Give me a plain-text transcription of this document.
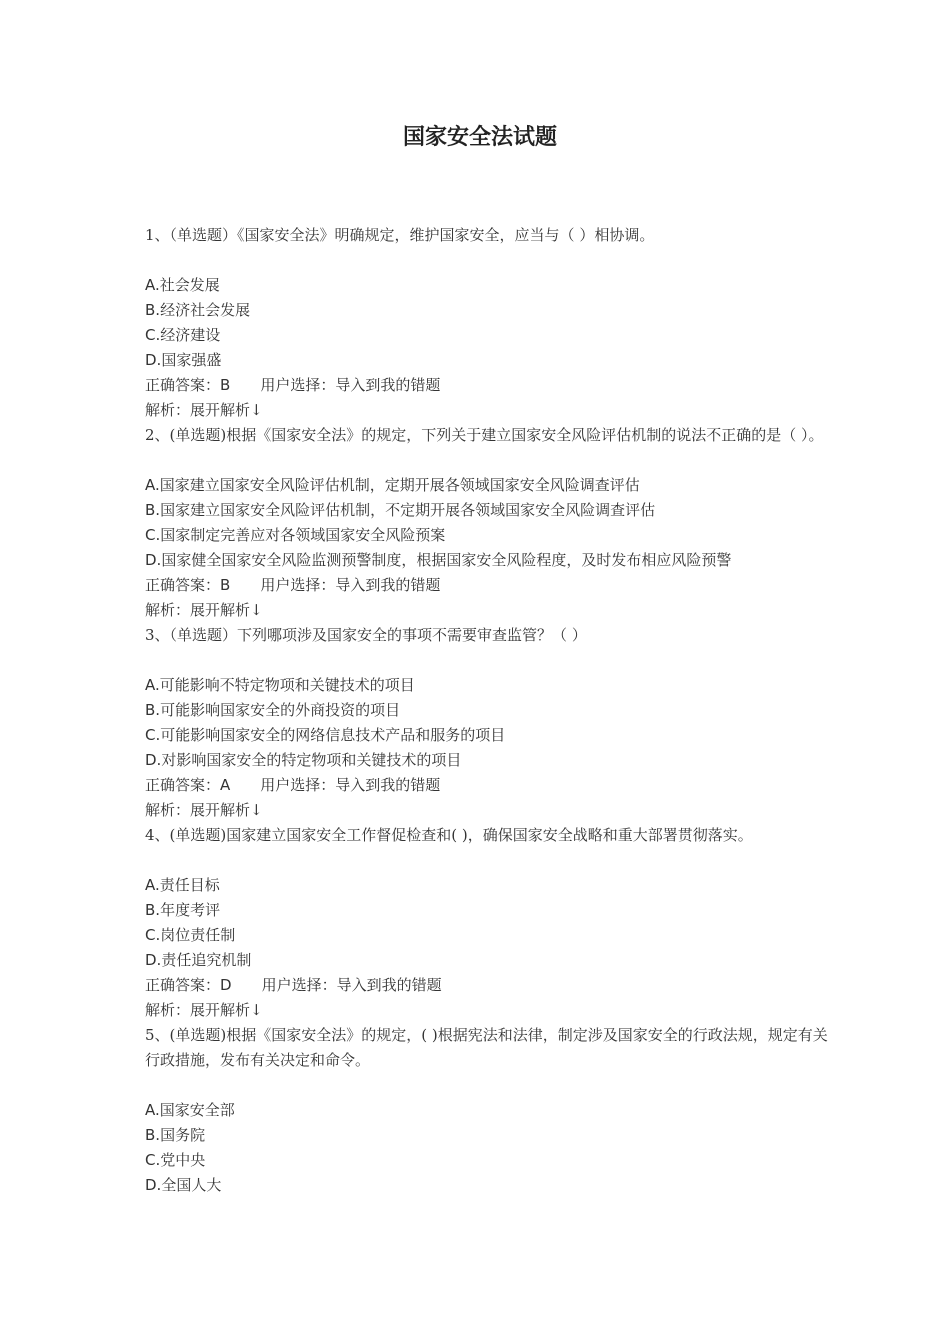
国家安全法试题
1、（单选题）《国家安全法》明确规定，维护国家安全，应当与（ ）相协调。
A.社会发展
B.经济社会发展
C.经济建设
D.国家强盛
正确答案：B 用户选择：导入到我的错题
解析：展开解析↓
2、(单选题)根据《国家安全法》的规定，下列关于建立国家安全风险评估机制的说法不正确的是（ ）。
A.国家建立国家安全风险评估机制，定期开展各领域国家安全风险调查评估
B.国家建立国家安全风险评估机制，不定期开展各领域国家安全风险调查评估
C.国家制定完善应对各领域国家安全风险预案
D.国家健全国家安全风险监测预警制度，根据国家安全风险程度，及时发布相应风险预警
正确答案：B 用户选择：导入到我的错题
解析：展开解析↓
3、（单选题）下列哪项涉及国家安全的事项不需要审查监管？（ ）
A.可能影响不特定物项和关键技术的项目
B.可能影响国家安全的外商投资的项目
C.可能影响国家安全的网络信息技术产品和服务的项目
D.对影响国家安全的特定物项和关键技术的项目
正确答案：A 用户选择：导入到我的错题
解析：展开解析↓
4、(单选题)国家建立国家安全工作督促检查和( )，确保国家安全战略和重大部署贯彻落实。
A.责任目标
B.年度考评
C.岗位责任制
D.责任追究机制
正确答案：D 用户选择：导入到我的错题
解析：展开解析↓
5、(单选题)根据《国家安全法》的规定，( )根据宪法和法律，制定涉及国家安全的行政法规，规定有关行政措施，发布有关决定和命令。
A.国家安全部
B.国务院
C.党中央
D.全国人大
